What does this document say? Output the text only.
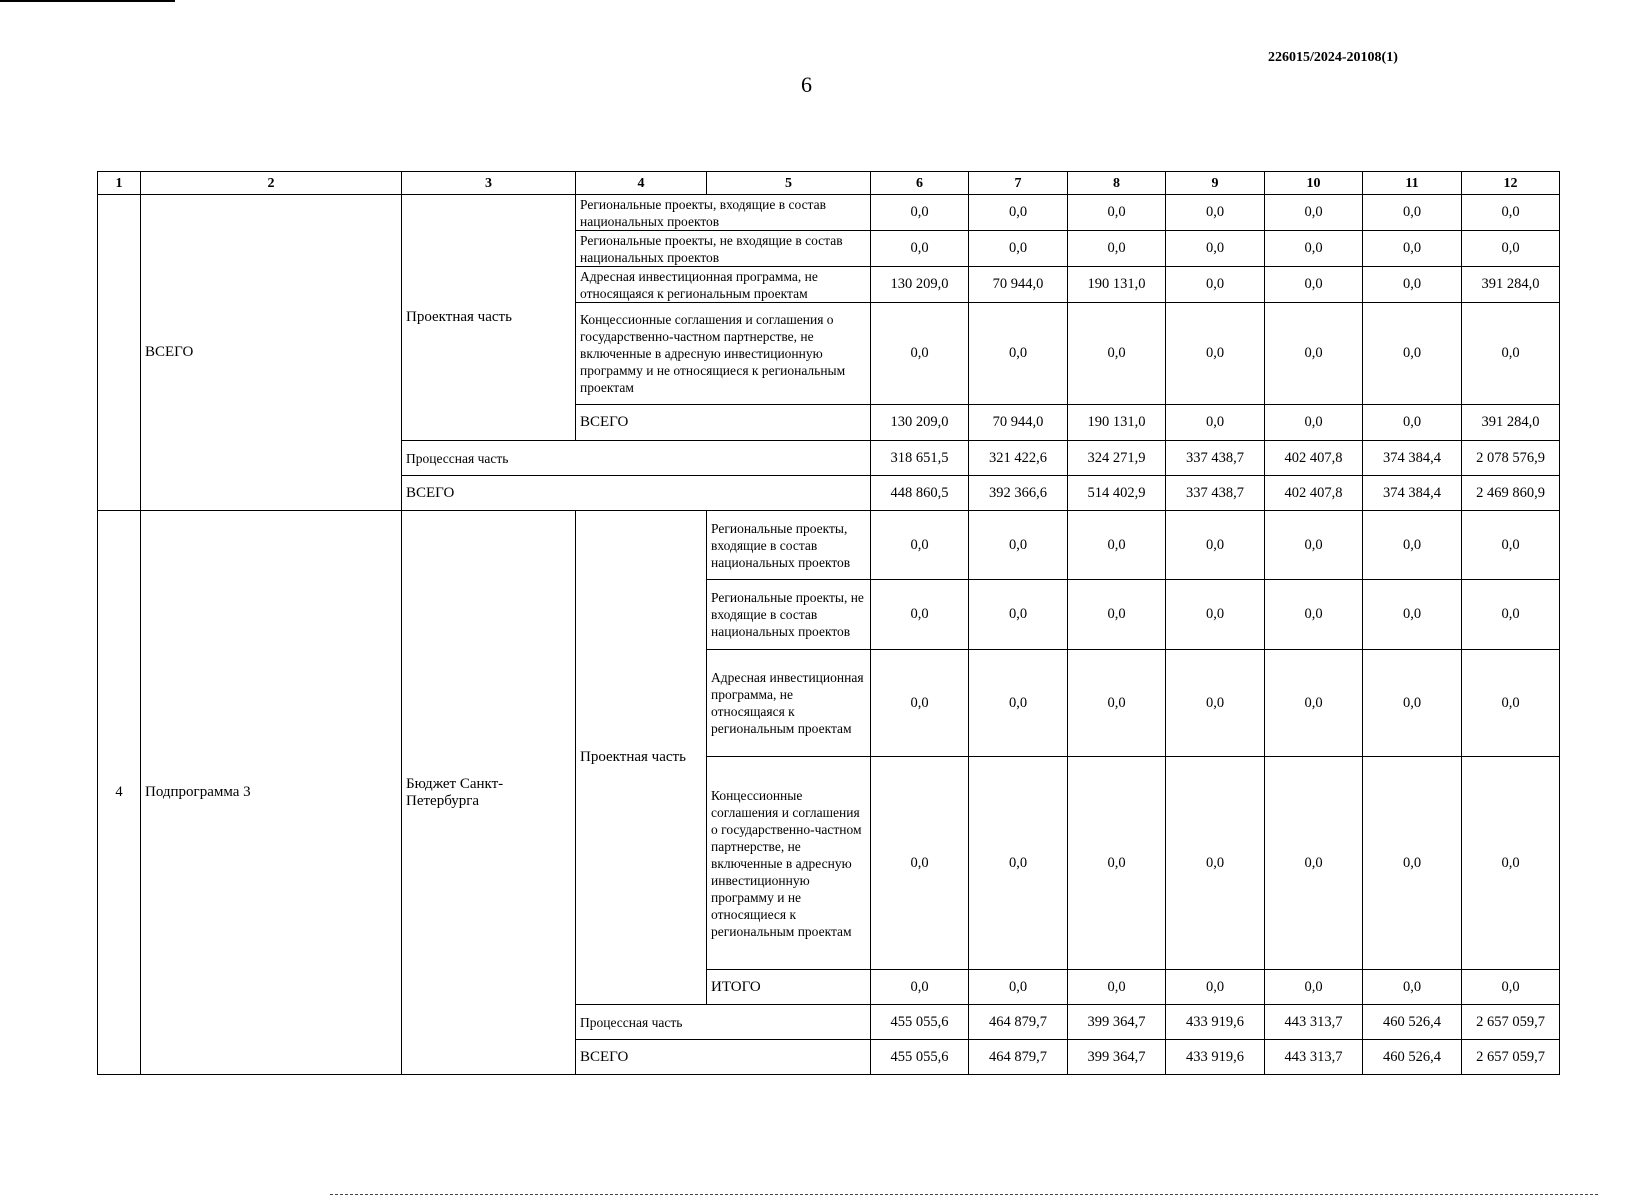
226015/2024-20108(1)
6
1	2	3	4	5	6	7	8	9	10	11	12
	ВСЕГО	Проектная часть	Региональные проекты, входящие в состав национальных проектов		0,0	0,0	0,0	0,0	0,0	0,0	0,0
			Региональные проекты, не входящие в состав национальных проектов		0,0	0,0	0,0	0,0	0,0	0,0	0,0
			Адресная инвестиционная программа, не относящаяся к региональным проектам		130 209,0	70 944,0	190 131,0	0,0	0,0	0,0	391 284,0
			Концессионные соглашения и соглашения о государственно-частном партнерстве, не включенные в адресную инвестиционную программу и не относящиеся к региональным проектам		0,0	0,0	0,0	0,0	0,0	0,0	0,0
			ВСЕГО		130 209,0	70 944,0	190 131,0	0,0	0,0	0,0	391 284,0
		Процессная часть			318 651,5	321 422,6	324 271,9	337 438,7	402 407,8	374 384,4	2 078 576,9
		ВСЕГО			448 860,5	392 366,6	514 402,9	337 438,7	402 407,8	374 384,4	2 469 860,9
4	Подпрограмма 3	Бюджет Санкт-Петербурга	Проектная часть	Региональные проекты, входящие в состав национальных проектов	0,0	0,0	0,0	0,0	0,0	0,0	0,0
				Региональные проекты, не входящие в состав национальных проектов	0,0	0,0	0,0	0,0	0,0	0,0	0,0
				Адресная инвестиционная программа, не относящаяся к региональным проектам	0,0	0,0	0,0	0,0	0,0	0,0	0,0
				Концессионные соглашения и соглашения о государственно-частном партнерстве, не включенные в адресную инвестиционную программу и не относящиеся к региональным проектам	0,0	0,0	0,0	0,0	0,0	0,0	0,0
				ИТОГО	0,0	0,0	0,0	0,0	0,0	0,0	0,0
			Процессная часть		455 055,6	464 879,7	399 364,7	433 919,6	443 313,7	460 526,4	2 657 059,7
			ВСЕГО		455 055,6	464 879,7	399 364,7	433 919,6	443 313,7	460 526,4	2 657 059,7
